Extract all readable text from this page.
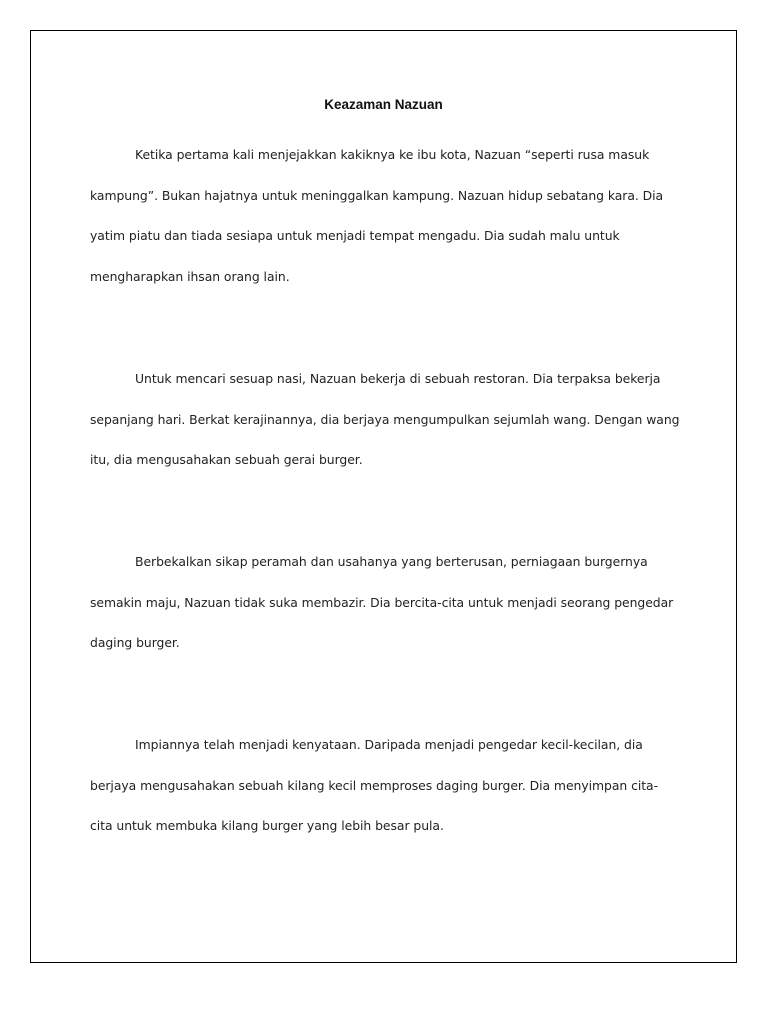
Keazaman Nazuan

Ketika pertama kali menjejakkan kakiknya ke ibu kota, Nazuan “seperti rusa masuk kampung”. Bukan hajatnya untuk meninggalkan kampung. Nazuan hidup sebatang kara. Dia yatim piatu dan tiada sesiapa untuk menjadi tempat mengadu. Dia sudah malu untuk mengharapkan ihsan orang lain.

Untuk mencari sesuap nasi, Nazuan bekerja di sebuah restoran. Dia terpaksa bekerja sepanjang hari. Berkat kerajinannya, dia berjaya mengumpulkan sejumlah wang. Dengan wang itu, dia mengusahakan sebuah gerai burger.

Berbekalkan sikap peramah dan usahanya yang berterusan, perniagaan burgernya semakin maju, Nazuan tidak suka membazir. Dia bercita-cita untuk menjadi seorang pengedar daging burger.

Impiannya telah menjadi kenyataan. Daripada menjadi pengedar kecil-kecilan, dia berjaya mengusahakan sebuah kilang kecil memproses daging burger. Dia menyimpan cita-cita untuk membuka kilang burger yang lebih besar pula.
